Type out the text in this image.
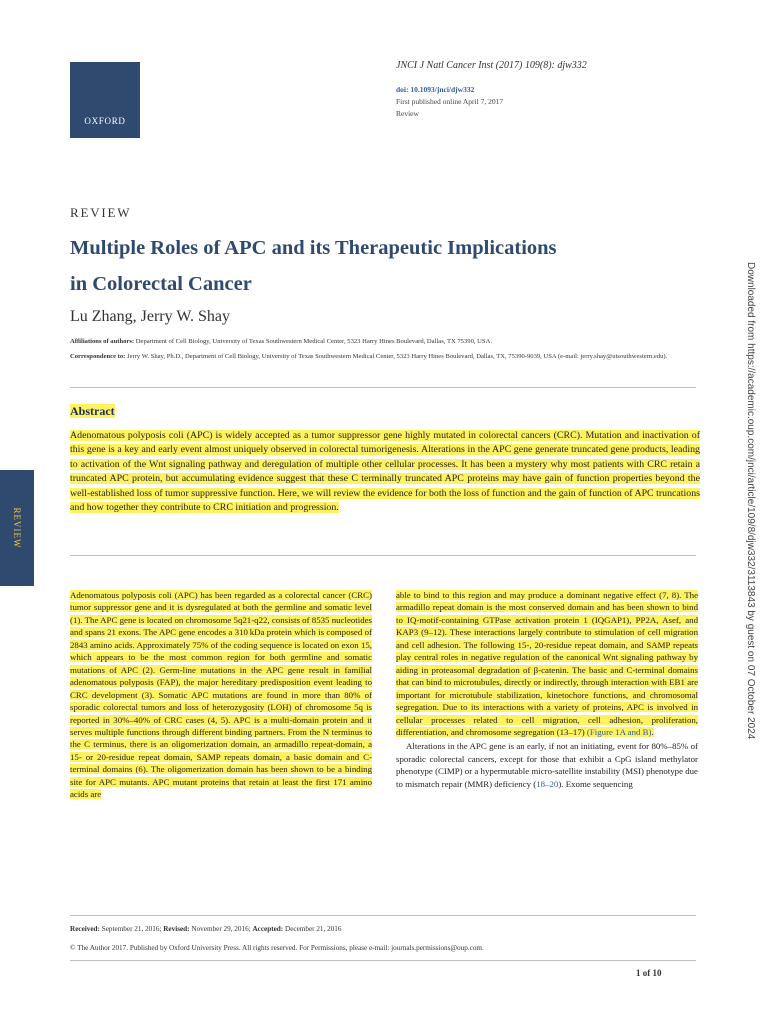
OXFORD
JNCI J Natl Cancer Inst (2017) 109(8): djw332
doi: 10.1093/jnci/djw332
First published online April 7, 2017
Review
REVIEW	Downloaded from https://academic.oup.com/jnci/article/109/8/djw332/3113843 by guest on 07 October 2024
REVIEW
Multiple Roles of APC and its Therapeutic Implications
in Colorectal Cancer
Lu Zhang, Jerry W. Shay
Affiliations of authors: Department of Cell Biology, University of Texas Southwestern Medical Center, 5323 Harry Hines Boulevard, Dallas, TX 75390, USA.
Correspondence to: Jerry W. Shay, Ph.D., Department of Cell Biology, University of Texas Southwestern Medical Center, 5323 Harry Hines Boulevard, Dallas, TX, 75390-9039, USA (e-mail: jerry.shay@utsouthwestern.edu).
Abstract
Adenomatous polyposis coli (APC) is widely accepted as a tumor suppressor gene highly mutated in colorectal cancers (CRC). Mutation and inactivation of this gene is a key and early event almost uniquely observed in colorectal tumorigenesis. Alterations in the APC gene generate truncated gene products, leading to activation of the Wnt signaling pathway and deregulation of multiple other cellular processes. It has been a mystery why most patients with CRC retain a truncated APC protein, but accumulating evidence suggest that these C terminally truncated APC proteins may have gain of function properties beyond the well-established loss of tumor suppressive function. Here, we will review the evidence for both the loss of function and the gain of function of APC truncations and how together they contribute to CRC initiation and progression.

Adenomatous polyposis coli (APC) has been regarded as a colorectal cancer (CRC) tumor suppressor gene and it is dysregulated at both the germline and somatic level (1). The APC gene is located on chromosome 5q21-q22, consists of 8535 nucleotides and spans 21 exons. The APC gene encodes a 310 kDa protein which is composed of 2843 amino acids. Approximately 75% of the coding sequence is located on exon 15, which appears to be the most common region for both germline and somatic mutations of APC (2). Germ-line mutations in the APC gene result in familial adenomatous polyposis (FAP), the major hereditary predisposition event leading to CRC development (3). Somatic APC mutations are found in more than 80% of sporadic colorectal tumors and loss of heterozygosity (LOH) of chromosome 5q is reported in 30%–40% of CRC cases (4, 5). APC is a multi-domain protein and it serves multiple functions through different binding partners. From the N terminus to the C terminus, there is an oligomerization domain, an armadillo repeat-domain, a 15- or 20-residue repeat domain, SAMP repeats domain, a basic domain and C-terminal domains (6). The oligomerization domain has been shown to be a binding site for APC mutants. APC mutant proteins that retain at least the first 171 amino acids are

able to bind to this region and may produce a dominant negative effect (7, 8). The armadillo repeat domain is the most conserved domain and has been shown to bind to IQ-motif-containing GTPase activation protein 1 (IQGAP1), PP2A, Asef, and KAP3 (9–12). These interactions largely contribute to stimulation of cell migration and cell adhesion. The following 15-, 20-residue repeat domain, and SAMP repeats play central roles in negative regulation of the canonical Wnt signaling pathway by aiding in proteasomal degradation of β-catenin. The basic and C-terminal domains that can bind to microtubules, directly or indirectly, through interaction with EB1 are important for microtubule stabilization, kinetochore functions, and chromosomal segregation. Due to its interactions with a variety of proteins, APC is involved in cellular processes related to cell migration, cell adhesion, proliferation, differentiation, and chromosome segregation (13–17) (Figure 1A and B).

Alterations in the APC gene is an early, if not an initiating, event for 80%–85% of sporadic colorectal cancers, except for those that exhibit a CpG island methylator phenotype (CIMP) or a hypermutable micro-satellite instability (MSI) phenotype due to mismatch repair (MMR) deficiency (18–20). Exome sequencing

Received: September 21, 2016; Revised: November 29, 2016; Accepted: December 21, 2016
© The Author 2017. Published by Oxford University Press. All rights reserved. For Permissions, please e-mail: journals.permissions@oup.com.
1 of 10
